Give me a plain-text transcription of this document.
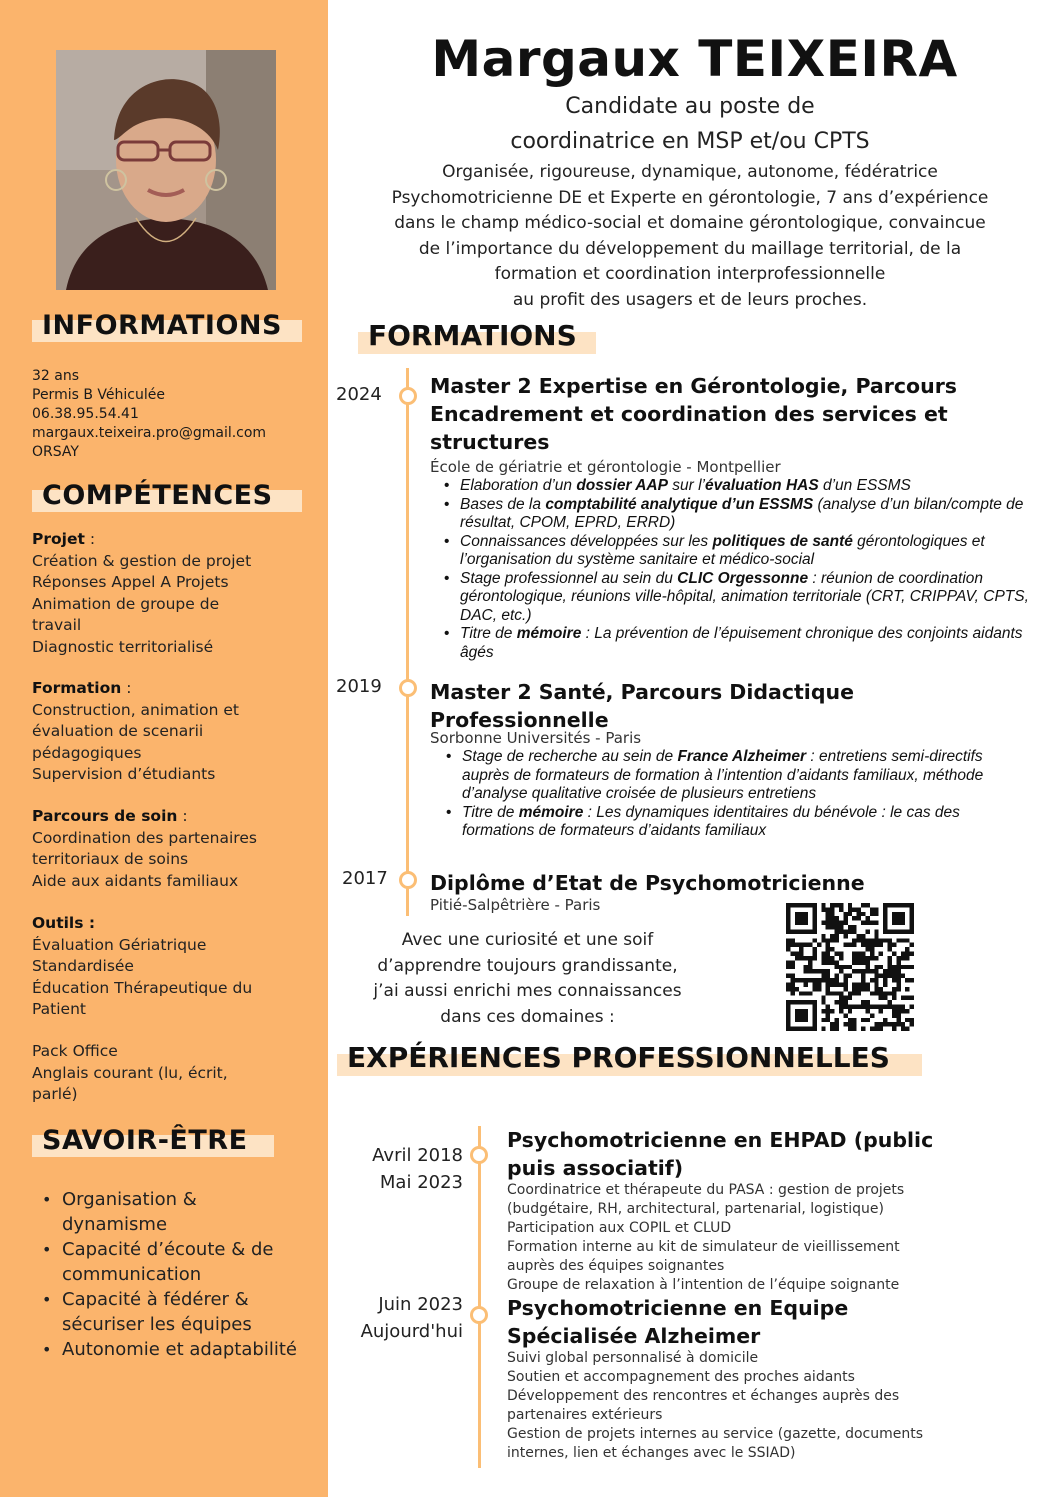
INFORMATIONS
32 ans
Permis B Véhiculée
06.38.95.54.41
margaux.teixeira.pro@gmail.com
ORSAY
COMPÉTENCES
Projet :
Création & gestion de projet
Réponses Appel A Projets
Animation de groupe de travail
Diagnostic territorialisé
Formation :
Construction, animation et évaluation de scenarii pédagogiques
Supervision d’étudiants
Parcours de soin :
Coordination des partenaires territoriaux de soins
Aide aux aidants familiaux
Outils :
Évaluation Gériatrique Standardisée
Éducation Thérapeutique du Patient
Pack Office
Anglais courant (lu, écrit, parlé)
SAVOIR-ÊTRE
• Organisation & dynamisme
• Capacité d’écoute & de communication
• Capacité à fédérer & sécuriser les équipes
• Autonomie et adaptabilité
Margaux TEIXEIRA
Candidate au poste de
coordinatrice en MSP et/ou CPTS
Organisée, rigoureuse, dynamique, autonome, fédératrice
Psychomotricienne DE et Experte en gérontologie, 7 ans d’expérience
dans le champ médico-social et domaine gérontologique, convaincue
de l’importance du développement du maillage territorial, de la
formation et coordination interprofessionnelle
au profit des usagers et de leurs proches.
FORMATIONS
2024 Master 2 Expertise en Gérontologie, Parcours Encadrement et coordination des services et structures
École de gériatrie et gérontologie - Montpellier
• Elaboration d’un dossier AAP sur l’évaluation HAS d’un ESSMS
• Bases de la comptabilité analytique d’un ESSMS (analyse d’un bilan/compte de résultat, CPOM, EPRD, ERRD)
• Connaissances développées sur les politiques de santé gérontologiques et l’organisation du système sanitaire et médico-social
• Stage professionnel au sein du CLIC Orgessonne : réunion de coordination gérontologique, réunions ville-hôpital, animation territoriale (CRT, CRIPPAV, CPTS, DAC, etc.)
• Titre de mémoire : La prévention de l’épuisement chronique des conjoints aidants âgés
2019 Master 2 Santé, Parcours Didactique Professionnelle
Sorbonne Universités - Paris
• Stage de recherche au sein de France Alzheimer : entretiens semi-directifs auprès de formateurs de formation à l’intention d’aidants familiaux, méthode d’analyse qualitative croisée de plusieurs entretiens
• Titre de mémoire : Les dynamiques identitaires du bénévole : le cas des formations de formateurs d’aidants familiaux
2017 Diplôme d’Etat de Psychomotricienne
Pitié-Salpêtrière - Paris
Avec une curiosité et une soif
d’apprendre toujours grandissante,
j’ai aussi enrichi mes connaissances
dans ces domaines :
EXPÉRIENCES PROFESSIONNELLES
Avril 2018
Mai 2023
Psychomotricienne en EHPAD (public puis associatif)
Coordinatrice et thérapeute du PASA : gestion de projets (budgétaire, RH, architectural, partenarial, logistique)
Participation aux COPIL et CLUD
Formation interne au kit de simulateur de vieillissement auprès des équipes soignantes
Groupe de relaxation à l’intention de l’équipe soignante
Juin 2023
Aujourd'hui
Psychomotricienne en Equipe Spécialisée Alzheimer
Suivi global personnalisé à domicile
Soutien et accompagnement des proches aidants
Développement des rencontres et échanges auprès des partenaires extérieurs
Gestion de projets internes au service (gazette, documents internes, lien et échanges avec le SSIAD)
